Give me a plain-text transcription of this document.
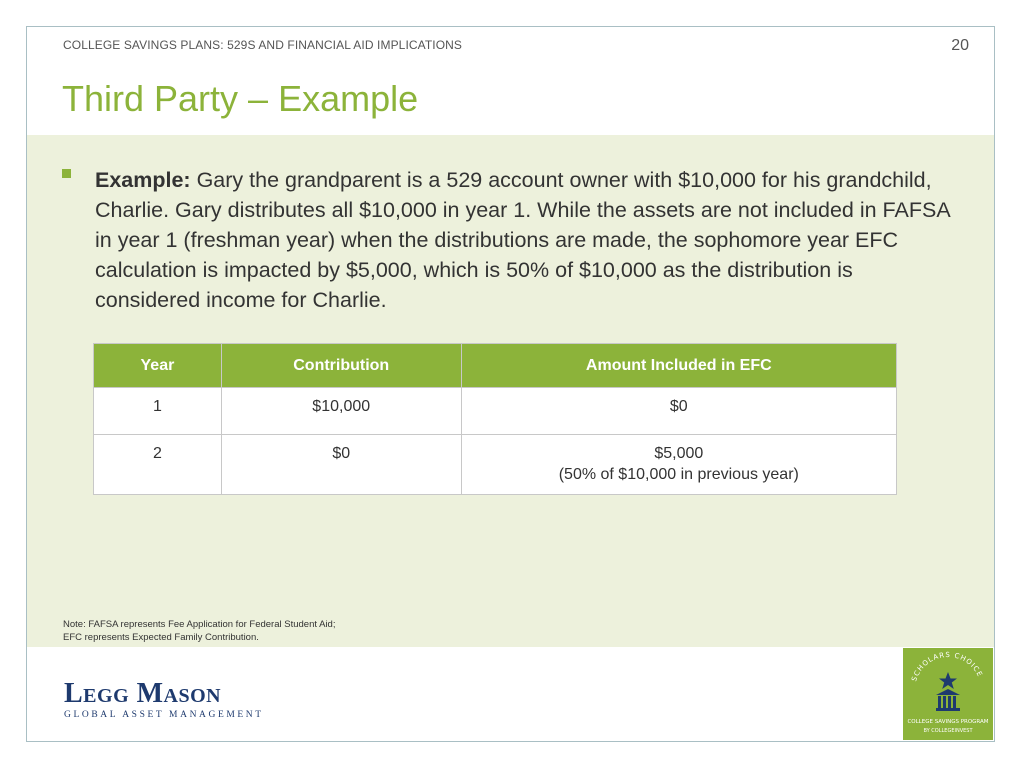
COLLEGE SAVINGS PLANS: 529S AND FINANCIAL AID IMPLICATIONS	20
Third Party – Example
Example: Gary the grandparent is a 529 account owner with $10,000 for his grandchild, Charlie. Gary distributes all $10,000 in year 1. While the assets are not included in FAFSA in year 1 (freshman year) when the distributions are made, the sophomore year EFC calculation is impacted by $5,000, which is 50% of $10,000 as the distribution is considered income for Charlie.
Year	Contribution	Amount Included in EFC
1	$10,000	$0
2	$0	$5,000
(50% of $10,000 in previous year)
Note: FAFSA represents Fee Application for Federal Student Aid;
EFC represents Expected Family Contribution.
Legg Mason
GLOBAL ASSET MANAGEMENT
SCHOLARS CHOICE
COLLEGE SAVINGS PROGRAM
BY COLLEGEINVEST
